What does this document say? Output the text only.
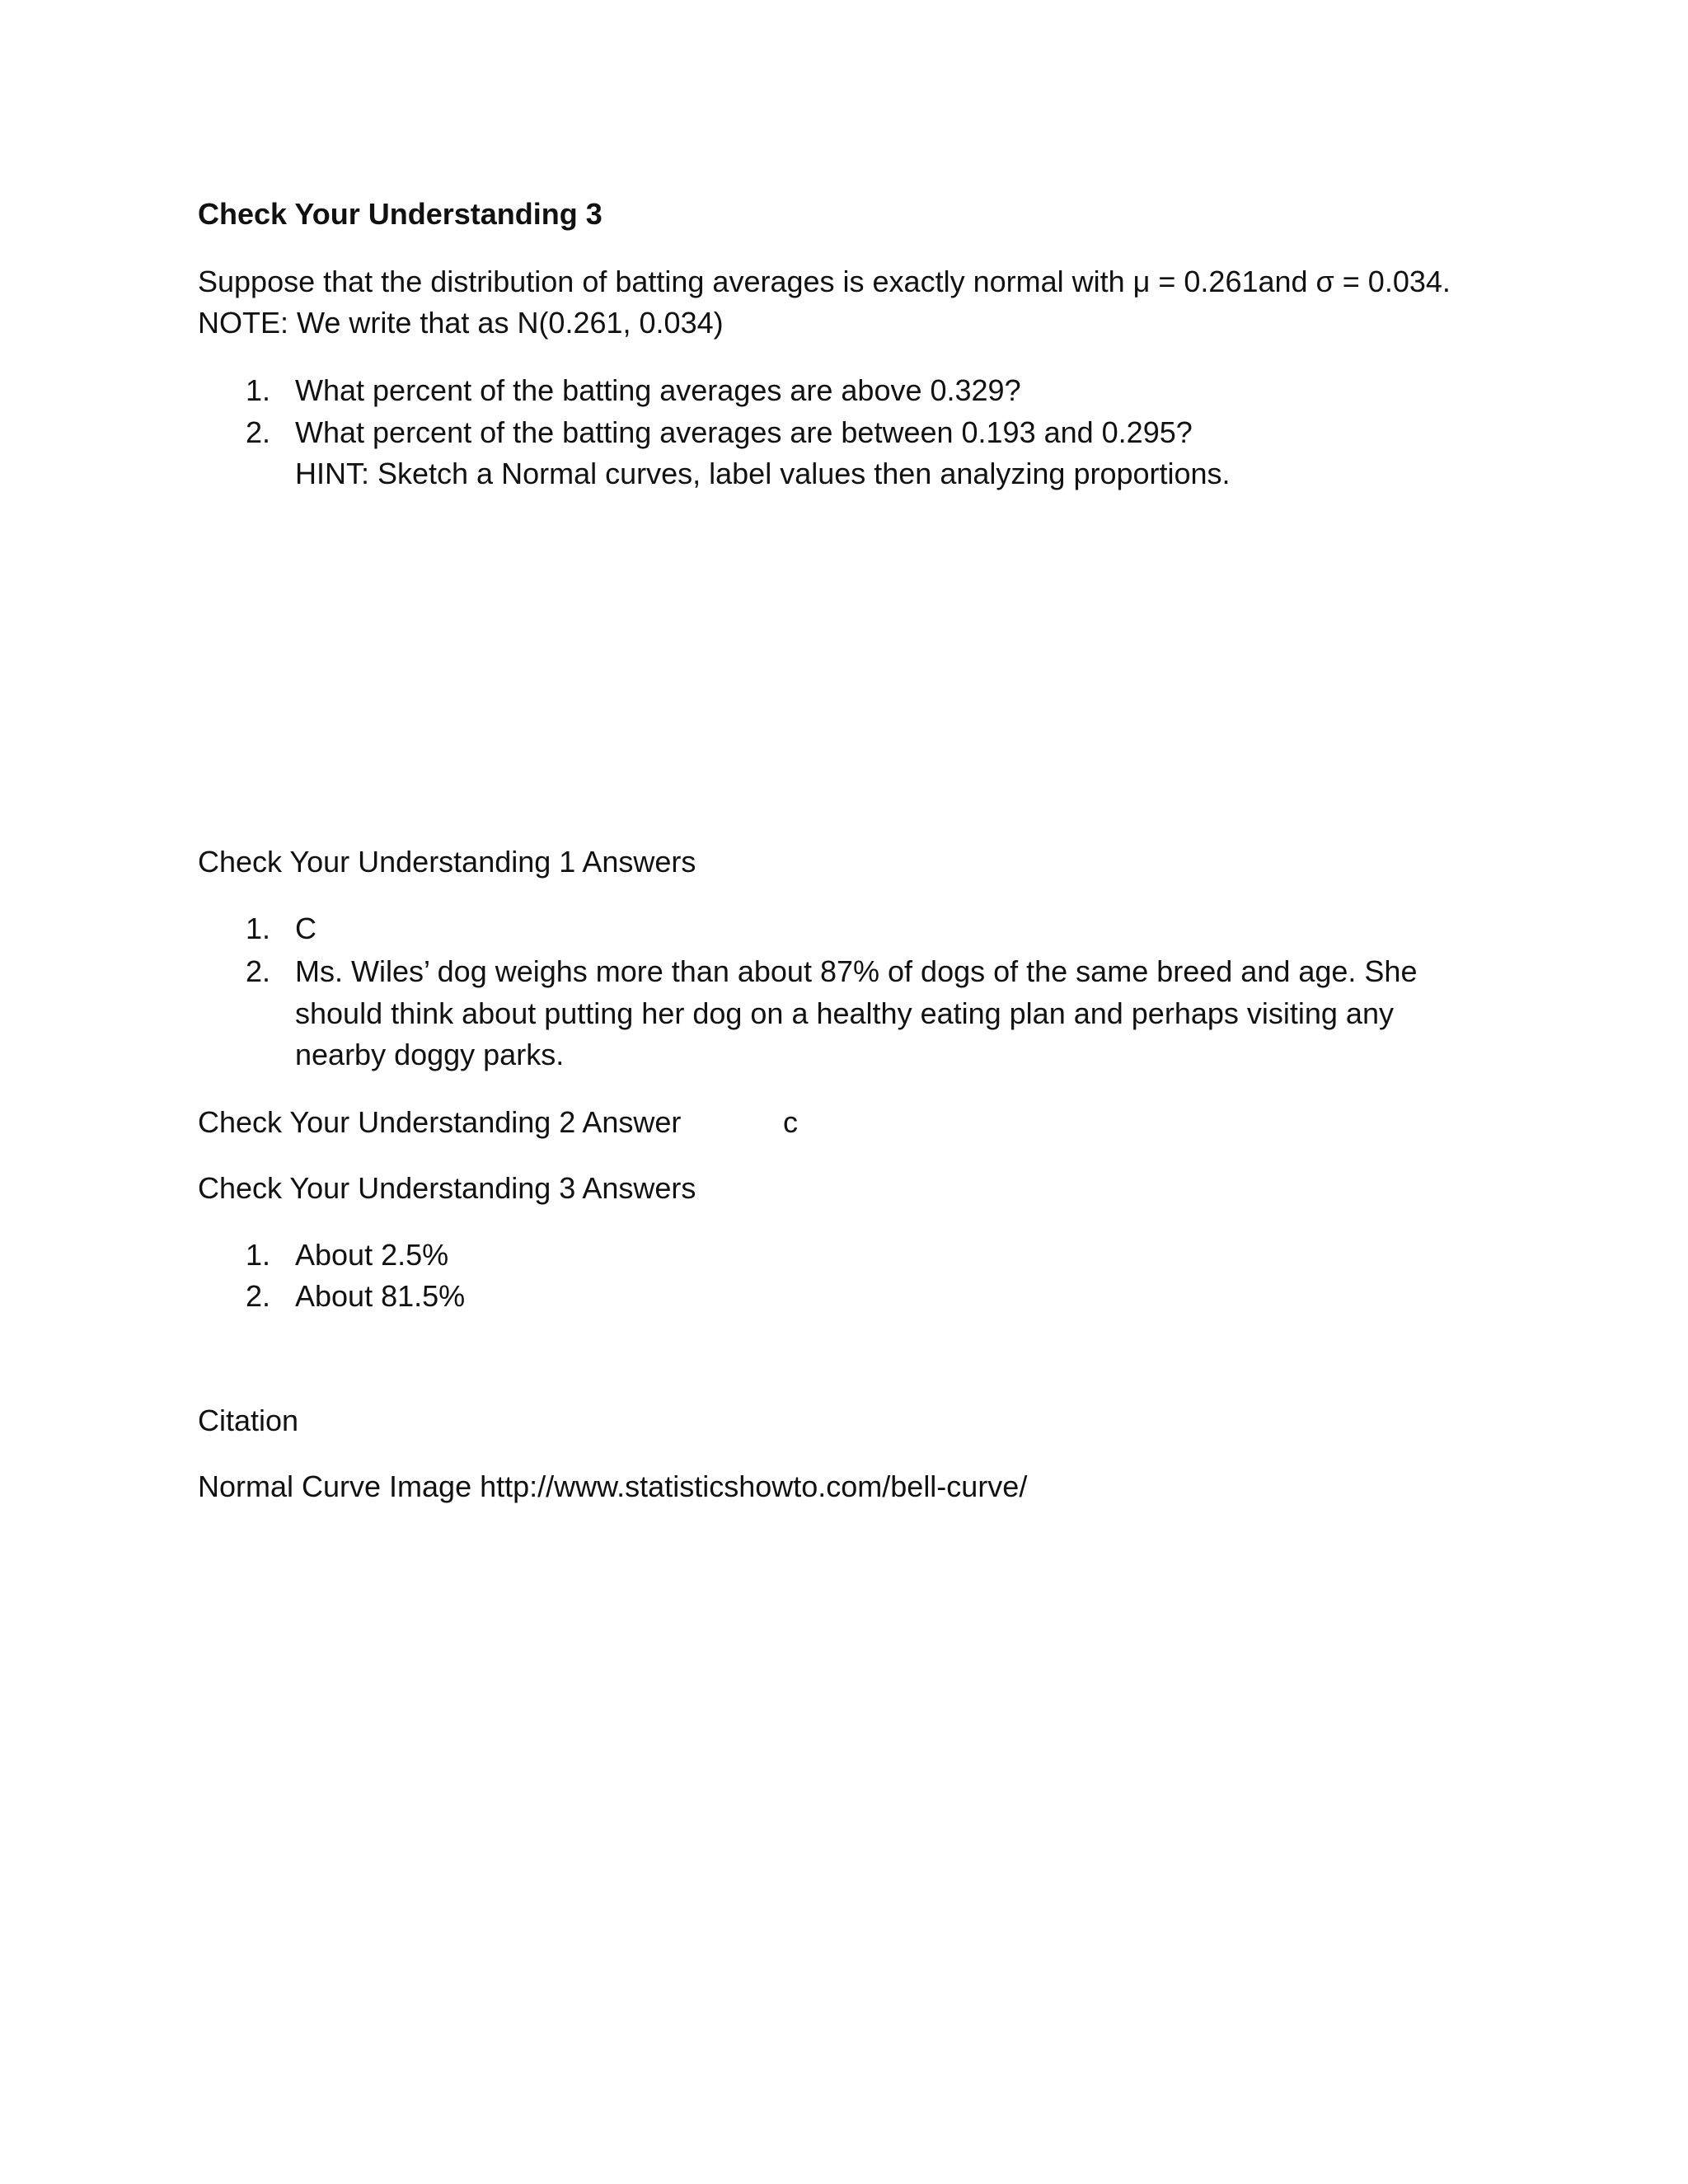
Check Your Understanding 3
Suppose that the distribution of batting averages is exactly normal with μ = 0.261and σ = 0.034.
NOTE: We write that as N(0.261, 0.034)
1. What percent of the batting averages are above 0.329?
2. What percent of the batting averages are between 0.193 and 0.295?
HINT: Sketch a Normal curves, label values then analyzing proportions.
Check Your Understanding 1 Answers
1. C
2. Ms. Wiles’ dog weighs more than about 87% of dogs of the same breed and age. She
should think about putting her dog on a healthy eating plan and perhaps visiting any
nearby doggy parks.
Check Your Understanding 2 Answer	c
Check Your Understanding 3 Answers
1. About 2.5%
2. About 81.5%
Citation
Normal Curve Image http://www.statisticshowto.com/bell-curve/
